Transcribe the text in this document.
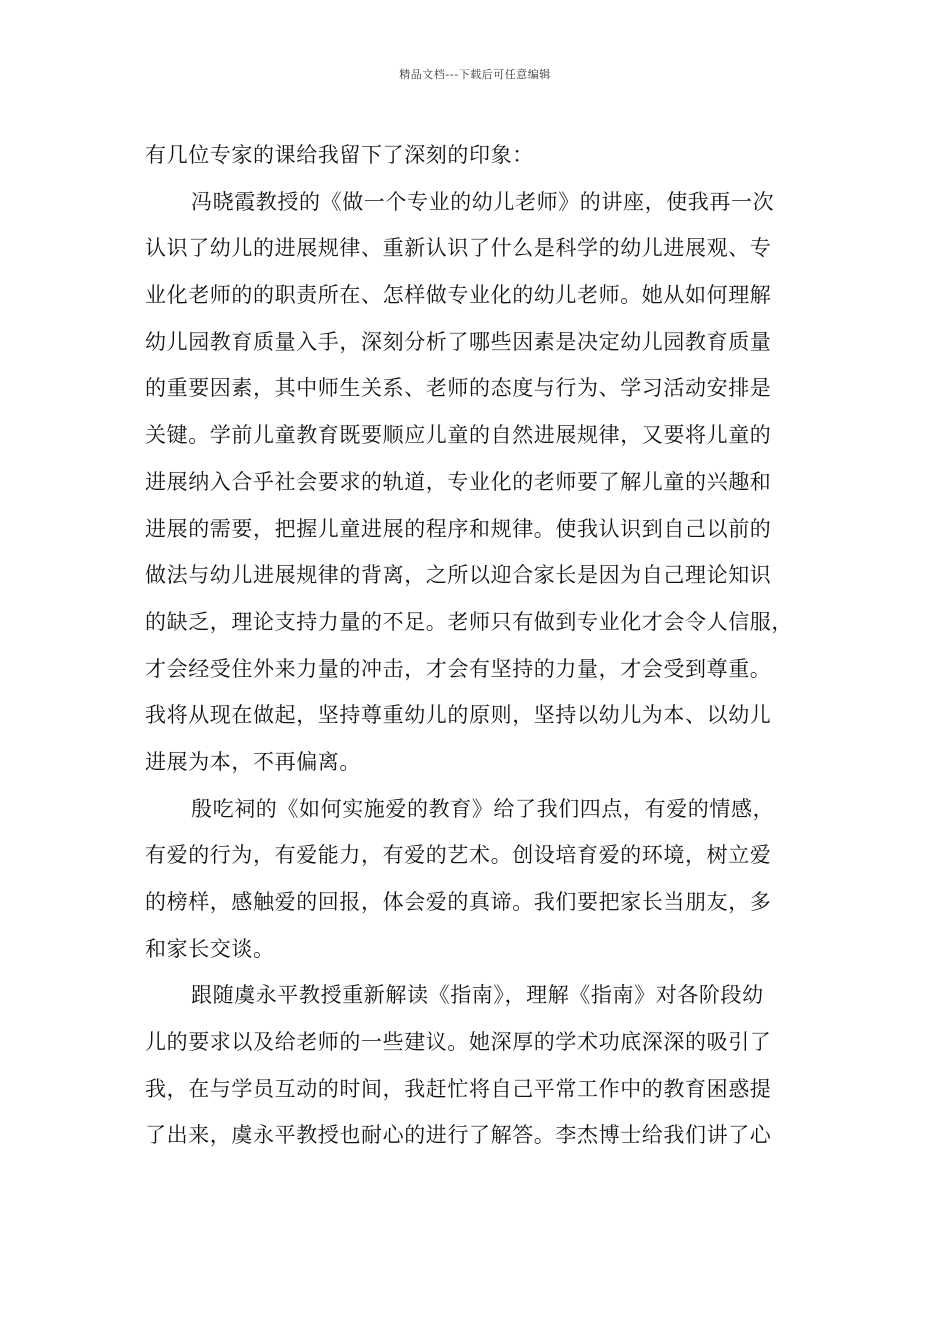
精品文档---下载后可任意编辑
有几位专家的课给我留下了深刻的印象：
冯晓霞教授的《做一个专业的幼儿老师》的讲座，使我再一次
认识了幼儿的进展规律、重新认识了什么是科学的幼儿进展观、专
业化老师的的职责所在、怎样做专业化的幼儿老师。她从如何理解
幼儿园教育质量入手，深刻分析了哪些因素是决定幼儿园教育质量
的重要因素，其中师生关系、老师的态度与行为、学习活动安排是
关键。学前儿童教育既要顺应儿童的自然进展规律，又要将儿童的
进展纳入合乎社会要求的轨道，专业化的老师要了解儿童的兴趣和
进展的需要，把握儿童进展的程序和规律。使我认识到自己以前的
做法与幼儿进展规律的背离，之所以迎合家长是因为自己理论知识
的缺乏，理论支持力量的不足。老师只有做到专业化才会令人信服，
才会经受住外来力量的冲击，才会有坚持的力量，才会受到尊重。
我将从现在做起，坚持尊重幼儿的原则，坚持以幼儿为本、以幼儿
进展为本，不再偏离。
殷吃祠的《如何实施爱的教育》给了我们四点，有爱的情感，
有爱的行为，有爱能力，有爱的艺术。创设培育爱的环境，树立爱
的榜样，感触爱的回报，体会爱的真谛。我们要把家长当朋友，多
和家长交谈。
跟随虞永平教授重新解读《指南》，理解《指南》对各阶段幼
儿的要求以及给老师的一些建议。她深厚的学术功底深深的吸引了
我，在与学员互动的时间，我赶忙将自己平常工作中的教育困惑提
了出来，虞永平教授也耐心的进行了解答。李杰博士给我们讲了心
